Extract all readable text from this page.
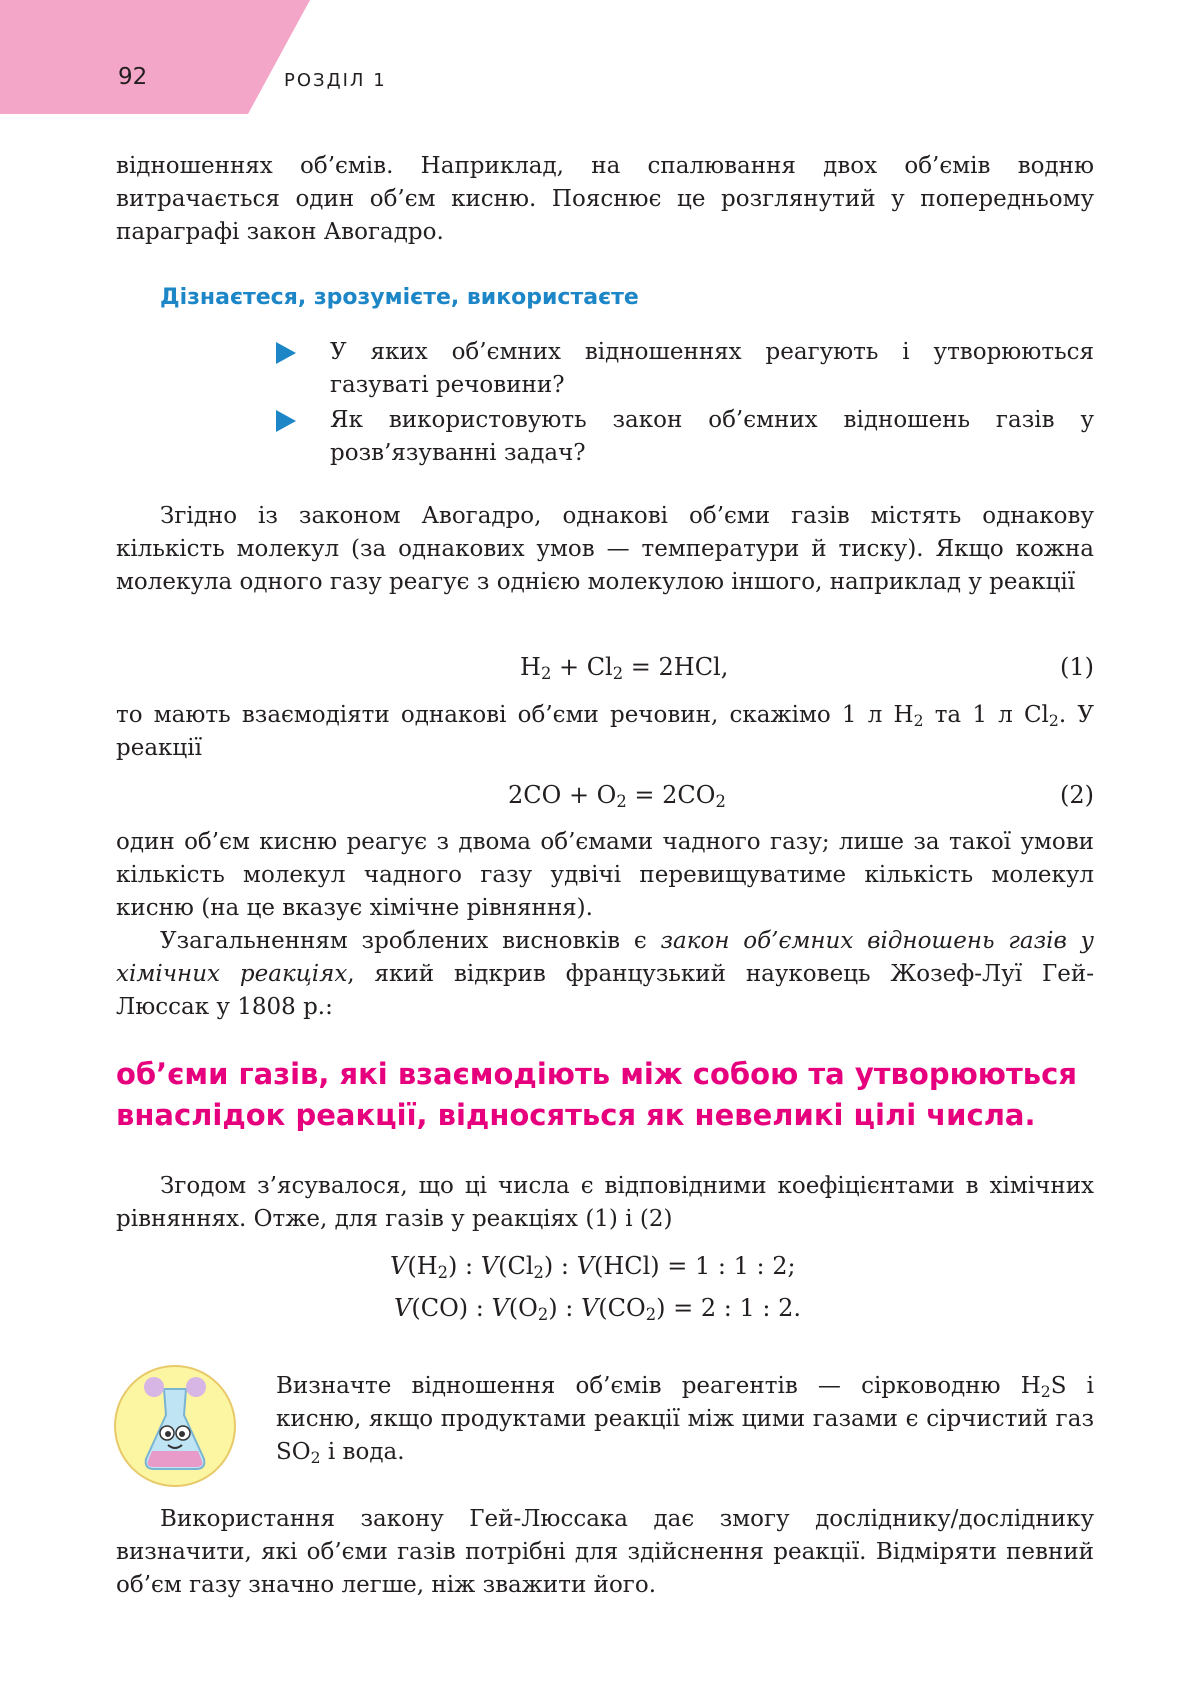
92	РОЗДІЛ 1

відношеннях об’ємів. Наприклад, на спалювання двох об’ємів водню витрачається один об’єм кисню. Пояснює це розглянутий у попередньому параграфі закон Авогадро.

Дізнаєтеся, зрозумієте, використаєте
У яких об’ємних відношеннях реагують і утворюються газуваті речовини?
Як використовують закон об’ємних відношень газів у розв’язуванні задач?

Згідно із законом Авогадро, однакові об’єми газів містять однакову кількість молекул (за однакових умов — температури й тиску). Якщо кожна молекула одного газу реагує з однією молекулою іншого, наприклад у реакції

$H_2 + Cl_2 = 2HCl$,	(1)

то мають взаємодіяти однакові об’єми речовин, скажімо 1 л $H_2$ та 1 л $Cl_2$. У реакції

$2CO + O_2 = 2CO_2$	(2)

один об’єм кисню реагує з двома об’ємами чадного газу; лише за такої умови кількість молекул чадного газу удвічі перевищуватиме кількість молекул кисню (на це вказує хімічне рівняння).

Узагальненням зроблених висновків є закон об’ємних відношень газів у хімічних реакціях, який відкрив французький науковець Жозеф-Луї Гей-Люссак у 1808 р.:

об’єми газів, які взаємодіють між собою та утворюються внаслідок реакції, відносяться як невеликі цілі числа.

Згодом з’ясувалося, що ці числа є відповідними коефіцієнтами в хімічних рівняннях. Отже, для газів у реакціях (1) і (2)

$V(H_2)$ : $V(Cl_2)$ : V(HCl) = 1 : 1 : 2;
V(CO) : $V(O_2)$ : $V(CO_2) = 2$ : 1 : 2.

Визначте відношення об’ємів реагентів — сірководню $H_2S$ і кисню, якщо продуктами реакції між цими газами є сірчистий газ $SO_2$ і вода.

Використання закону Гей-Люссака дає змогу досліднику/досліднику визначити, які об’єми газів потрібні для здійснення реакції. Відміряти певний об’єм газу значно легше, ніж зважити його.
